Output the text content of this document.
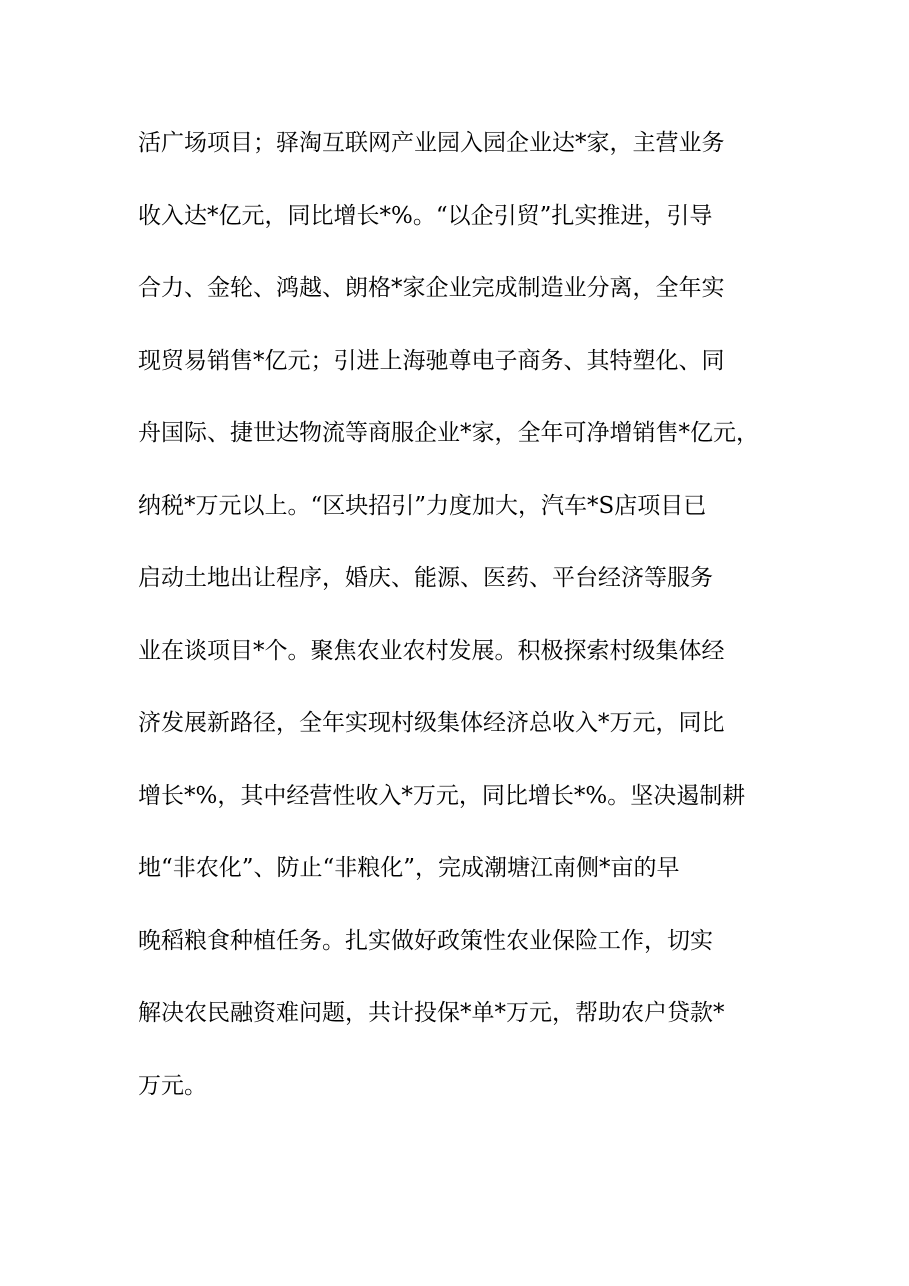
活广场项目；驿淘互联网产业园入园企业达*家，主营业务
收入达*亿元，同比增长*%。“以企引贸”扎实推进，引导
合力、金轮、鸿越、朗格*家企业完成制造业分离，全年实
现贸易销售*亿元；引进上海驰尊电子商务、其特塑化、同
舟国际、捷世达物流等商服企业*家，全年可净增销售*亿元，
纳税*万元以上。“区块招引”力度加大，汽车*S店项目已
启动土地出让程序，婚庆、能源、医药、平台经济等服务
业在谈项目*个。聚焦农业农村发展。积极探索村级集体经
济发展新路径，全年实现村级集体经济总收入*万元，同比
增长*%，其中经营性收入*万元，同比增长*%。坚决遏制耕
地“非农化”、防止“非粮化”，完成潮塘江南侧*亩的早
晚稻粮食种植任务。扎实做好政策性农业保险工作，切实
解决农民融资难问题，共计投保*单*万元，帮助农户贷款*
万元。
